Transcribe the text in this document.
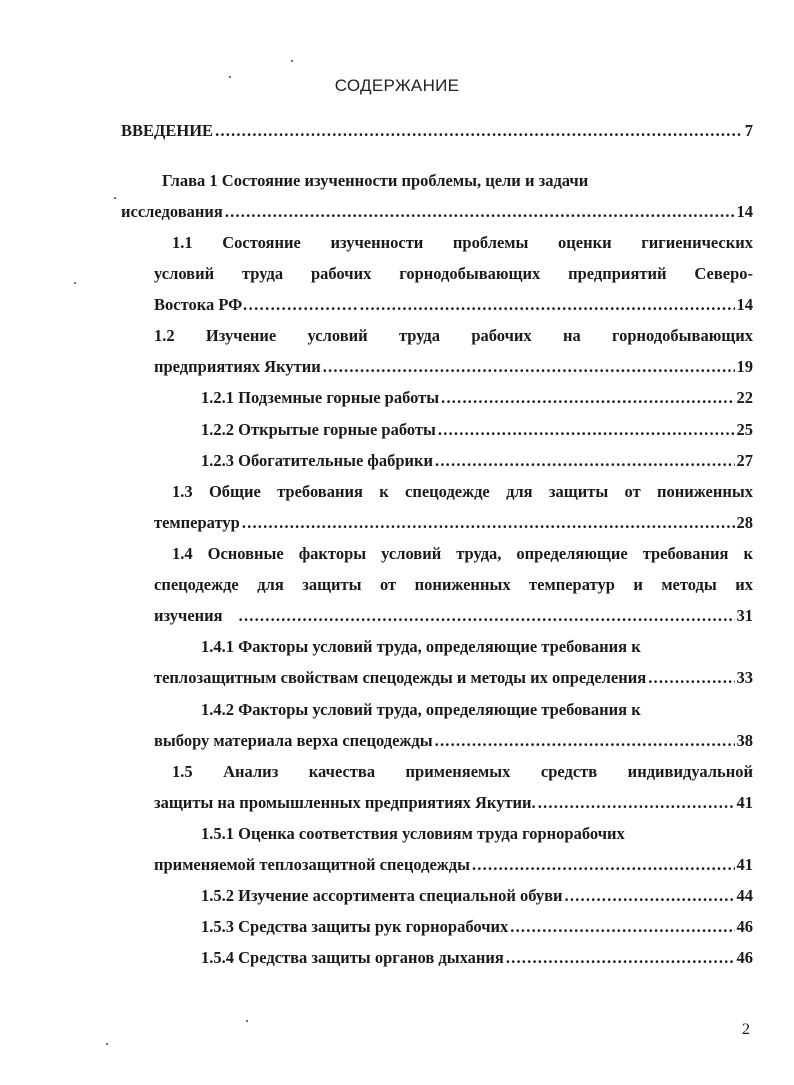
СОДЕРЖАНИЕ
ВВЕДЕНИЕ .....	7
Глава 1 Состояние изученности проблемы, цели и задачи
исследования .....	14
1.1 Состояние изученности проблемы оценки гигиенических
условий труда рабочих горнодобывающих предприятий Северо-
Востока РФ………………… .....	14
1.2 Изучение условий труда рабочих на горнодобывающих
предприятиях Якутии .....	19
1.2.1 Подземные горные работы .....	22
1.2.2 Открытые горные работы .....	25
1.2.3 Обогатительные фабрики .....	27
1.3 Общие требования к спецодежде для защиты от пониженных
температур .....	28
1.4 Основные факторы условий труда, определяющие требования к
спецодежде для защиты от пониженных температур и методы их
изучения .....	31
1.4.1 Факторы условий труда, определяющие требования к
теплозащитным свойствам спецодежды и методы их определения .....	33
1.4.2 Факторы условий труда, определяющие требования к
выбору материала верха спецодежды .....	38
1.5 Анализ качества применяемых средств индивидуальной
защиты на промышленных предприятиях Якутии. .....	41
1.5.1 Оценка соответствия условиям труда горнорабочих
применяемой теплозащитной спецодежды .....	41
1.5.2 Изучение ассортимента специальной обуви .....	44
1.5.3 Средства защиты рук горнорабочих .....	46
1.5.4 Средства защиты органов дыхания .....	46
2
